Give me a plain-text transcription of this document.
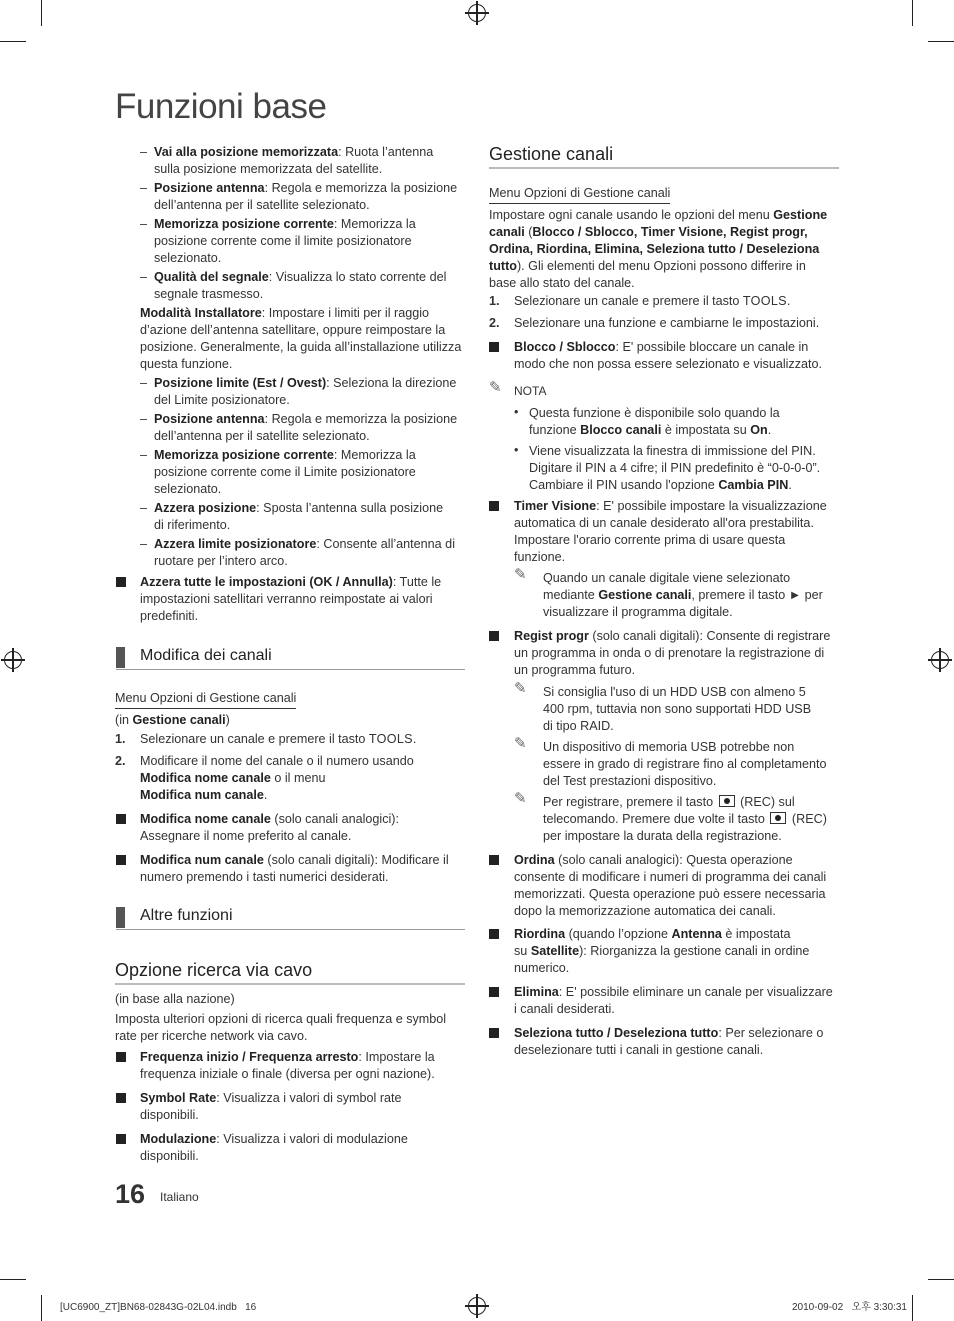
Funzioni base
– Vai alla posizione memorizzata: Ruota l’antenna
sulla posizione memorizzata del satellite.
– Posizione antenna: Regola e memorizza la posizione
dell’antenna per il satellite selezionato.
– Memorizza posizione corrente: Memorizza la
posizione corrente come il limite posizionatore
selezionato.
– Qualità del segnale: Visualizza lo stato corrente del
segnale trasmesso.
Modalità Installatore: Impostare i limiti per il raggio
d’azione dell’antenna satellitare, oppure reimpostare la
posizione. Generalmente, la guida all’installazione utilizza
questa funzione.
– Posizione limite (Est / Ovest): Seleziona la direzione
del Limite posizionatore.
– Posizione antenna: Regola e memorizza la posizione
dell’antenna per il satellite selezionato.
– Memorizza posizione corrente: Memorizza la
posizione corrente come il Limite posizionatore
selezionato.
– Azzera posizione: Sposta l’antenna sulla posizione
di riferimento.
– Azzera limite posizionatore: Consente all’antenna di
ruotare per l’intero arco.
Azzera tutte le impostazioni (OK / Annulla): Tutte le
impostazioni satellitari verranno reimpostate ai valori
predefiniti.
Modifica dei canali
Menu Opzioni di Gestione canali
(in Gestione canali)
1. Selezionare un canale e premere il tasto TOOLS.
2. Modificare il nome del canale o il numero usando
Modifica nome canale o il menu
Modifica num canale.
Modifica nome canale (solo canali analogici):
Assegnare il nome preferito al canale.
Modifica num canale (solo canali digitali): Modificare il
numero premendo i tasti numerici desiderati.
Altre funzioni
Opzione ricerca via cavo
(in base alla nazione)
Imposta ulteriori opzioni di ricerca quali frequenza e symbol
rate per ricerche network via cavo.
Frequenza inizio / Frequenza arresto: Impostare la
frequenza iniziale o finale (diversa per ogni nazione).
Symbol Rate: Visualizza i valori di symbol rate
disponibili.
Modulazione: Visualizza i valori di modulazione
disponibili.
16 Italiano
Gestione canali
Menu Opzioni di Gestione canali
Impostare ogni canale usando le opzioni del menu Gestione
canali (Blocco / Sblocco, Timer Visione, Regist progr,
Ordina, Riordina, Elimina, Seleziona tutto / Deseleziona
tutto). Gli elementi del menu Opzioni possono differire in
base allo stato del canale.
1. Selezionare un canale e premere il tasto TOOLS.
2. Selezionare una funzione e cambiarne le impostazioni.
Blocco / Sblocco: E' possibile bloccare un canale in
modo che non possa essere selezionato e visualizzato.
✎ NOTA
• Questa funzione è disponibile solo quando la
funzione Blocco canali è impostata su On.
• Viene visualizzata la finestra di immissione del PIN.
Digitare il PIN a 4 cifre; il PIN predefinito è “0-0-0-0”.
Cambiare il PIN usando l'opzione Cambia PIN.
Timer Visione: E' possibile impostare la visualizzazione
automatica di un canale desiderato all'ora prestabilita.
Impostare l'orario corrente prima di usare questa
funzione.
✎ Quando un canale digitale viene selezionato
mediante Gestione canali, premere il tasto ► per
visualizzare il programma digitale.
Regist progr (solo canali digitali): Consente di registrare
un programma in onda o di prenotare la registrazione di
un programma futuro.
✎ Si consiglia l'uso di un HDD USB con almeno 5
400 rpm, tuttavia non sono supportati HDD USB
di tipo RAID.
✎ Un dispositivo di memoria USB potrebbe non
essere in grado di registrare fino al completamento
del Test prestazioni dispositivo.
✎ Per registrare, premere il tasto  (REC) sul
telecomando. Premere due volte il tasto  (REC)
per impostare la durata della registrazione.
Ordina (solo canali analogici): Questa operazione
consente di modificare i numeri di programma dei canali
memorizzati. Questa operazione può essere necessaria
dopo la memorizzazione automatica dei canali.
Riordina (quando l’opzione Antenna è impostata
su Satellite): Riorganizza la gestione canali in ordine
numerico.
Elimina: E' possibile eliminare un canale per visualizzare
i canali desiderati.
Seleziona tutto / Deseleziona tutto: Per selezionare o
deselezionare tutti i canali in gestione canali.
[UC6900_ZT]BN68-02843G-02L04.indb   16	2010-09-02   오후 3:30:31
